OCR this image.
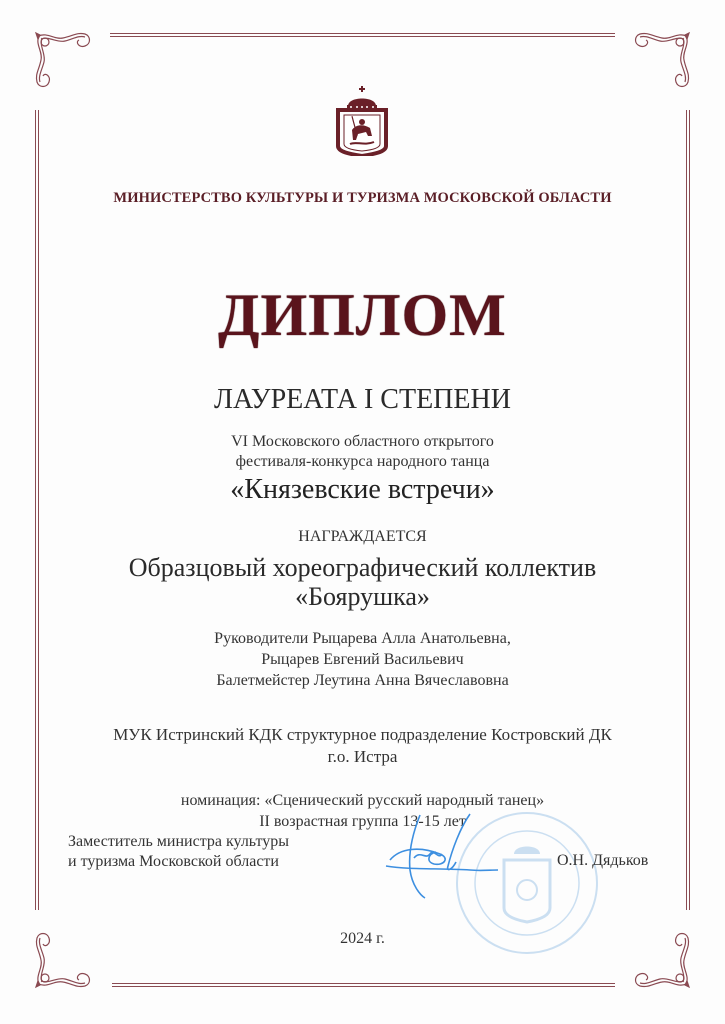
МИНИСТЕРСТВО КУЛЬТУРЫ И ТУРИЗМА МОСКОВСКОЙ ОБЛАСТИ
ДИПЛОМ
ЛАУРЕАТА I СТЕПЕНИ
VI Московского областного открытого
фестиваля-конкурса народного танца
«Князевские встречи»
НАГРАЖДАЕТСЯ
Образцовый хореографический коллектив
«Боярушка»
Руководители Рыцарева Алла Анатольевна,
Рыцарев Евгений Васильевич
Балетмейстер Леутина Анна Вячеславовна
МУК Истринский КДК структурное подразделение Костровский ДК
г.о. Истра
номинация: «Сценический русский народный танец»
II возрастная группа 13-15 лет
Заместитель министра культуры
и туризма Московской области	О.Н. Дядьков
2024 г.
